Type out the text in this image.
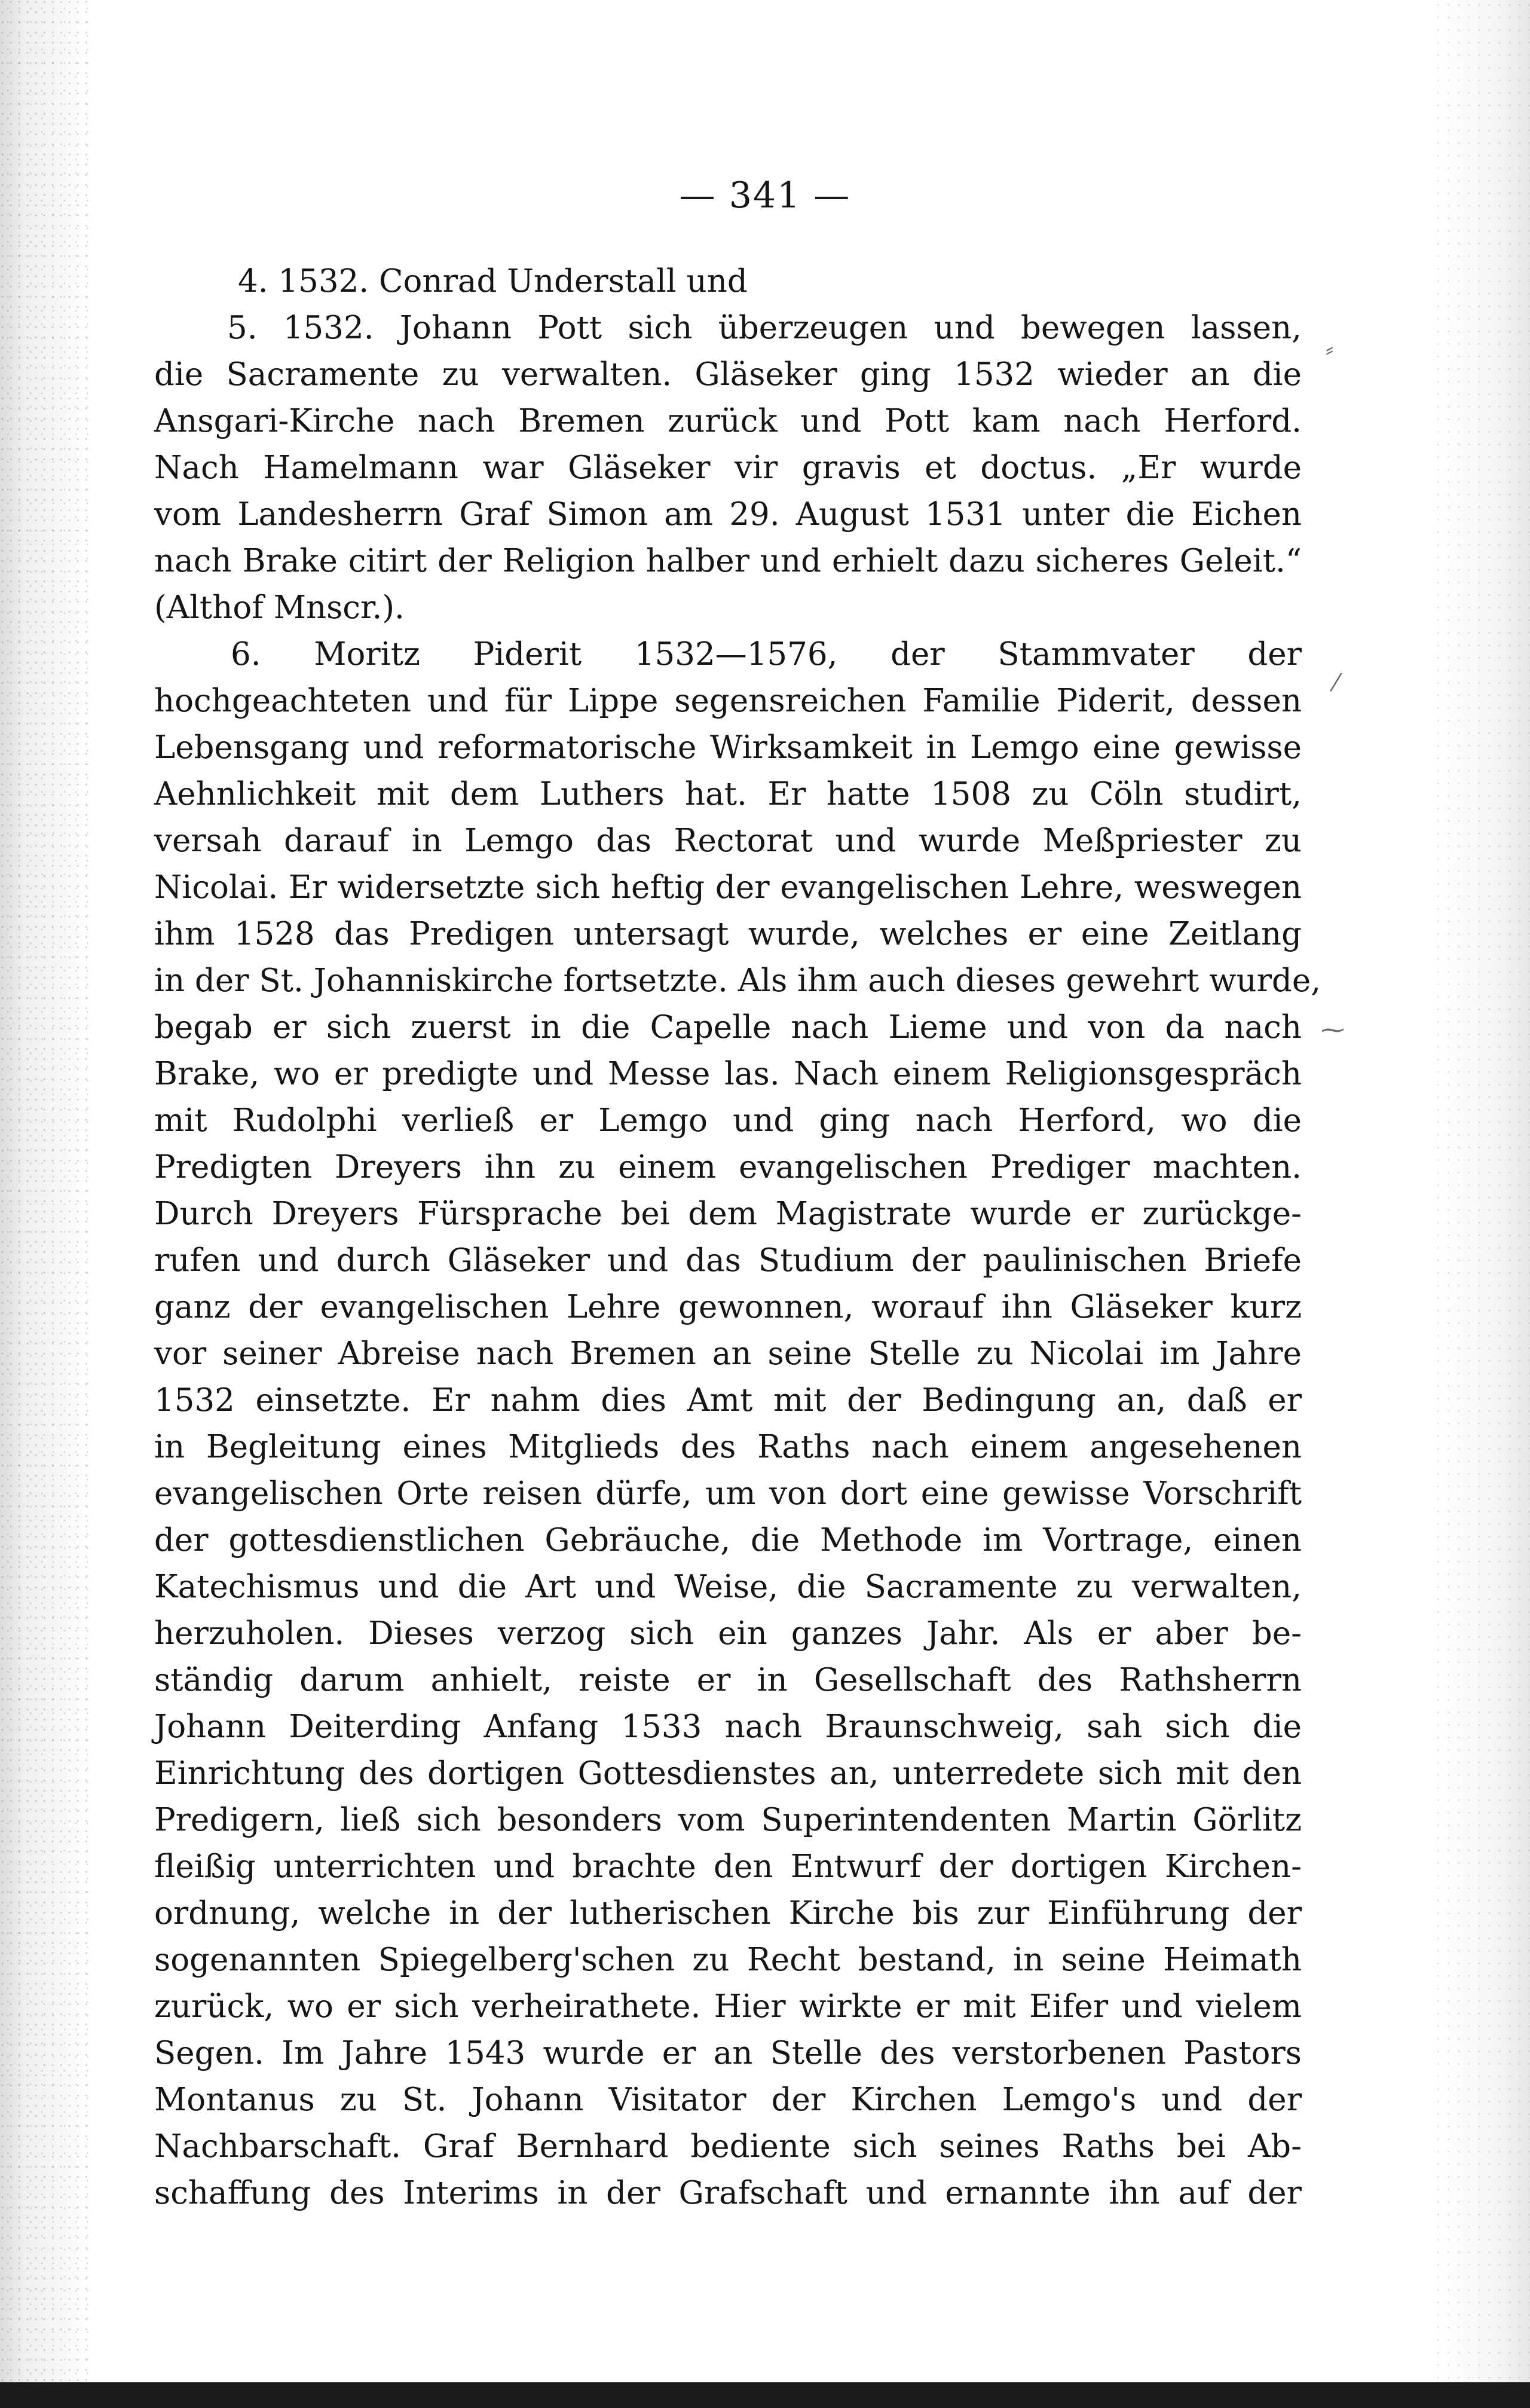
⸗
⁄
⁓
— 341 —
4. 1532. Conrad Understall und
5. 1532. Johann Pott sich überzeugen und bewegen lassen,
die Sacramente zu verwalten. Gläseker ging 1532 wieder an die
Ansgari-Kirche nach Bremen zurück und Pott kam nach Herford.
Nach Hamelmann war Gläseker vir gravis et doctus. „Er wurde
vom Landesherrn Graf Simon am 29. August 1531 unter die Eichen
nach Brake citirt der Religion halber und erhielt dazu sicheres Geleit.“
(Althof Mnscr.).
6. Moritz Piderit 1532—1576, der Stammvater der
hochgeachteten und für Lippe segensreichen Familie Piderit, dessen
Lebensgang und reformatorische Wirksamkeit in Lemgo eine gewisse
Aehnlichkeit mit dem Luthers hat. Er hatte 1508 zu Cöln studirt,
versah darauf in Lemgo das Rectorat und wurde Meßpriester zu
Nicolai. Er widersetzte sich heftig der evangelischen Lehre, weswegen
ihm 1528 das Predigen untersagt wurde, welches er eine Zeitlang
in der St. Johanniskirche fortsetzte. Als ihm auch dieses gewehrt wurde,
begab er sich zuerst in die Capelle nach Lieme und von da nach
Brake, wo er predigte und Messe las. Nach einem Religionsgespräch
mit Rudolphi verließ er Lemgo und ging nach Herford, wo die
Predigten Dreyers ihn zu einem evangelischen Prediger machten.
Durch Dreyers Fürsprache bei dem Magistrate wurde er zurückge-
rufen und durch Gläseker und das Studium der paulinischen Briefe
ganz der evangelischen Lehre gewonnen, worauf ihn Gläseker kurz
vor seiner Abreise nach Bremen an seine Stelle zu Nicolai im Jahre
1532 einsetzte. Er nahm dies Amt mit der Bedingung an, daß er
in Begleitung eines Mitglieds des Raths nach einem angesehenen
evangelischen Orte reisen dürfe, um von dort eine gewisse Vorschrift
der gottesdienstlichen Gebräuche, die Methode im Vortrage, einen
Katechismus und die Art und Weise, die Sacramente zu verwalten,
herzuholen. Dieses verzog sich ein ganzes Jahr. Als er aber be-
ständig darum anhielt, reiste er in Gesellschaft des Rathsherrn
Johann Deiterding Anfang 1533 nach Braunschweig, sah sich die
Einrichtung des dortigen Gottesdienstes an, unterredete sich mit den
Predigern, ließ sich besonders vom Superintendenten Martin Görlitz
fleißig unterrichten und brachte den Entwurf der dortigen Kirchen-
ordnung, welche in der lutherischen Kirche bis zur Einführung der
sogenannten Spiegelberg'schen zu Recht bestand, in seine Heimath
zurück, wo er sich verheirathete. Hier wirkte er mit Eifer und vielem
Segen. Im Jahre 1543 wurde er an Stelle des verstorbenen Pastors
Montanus zu St. Johann Visitator der Kirchen Lemgo's und der
Nachbarschaft. Graf Bernhard bediente sich seines Raths bei Ab-
schaffung des Interims in der Grafschaft und ernannte ihn auf der
